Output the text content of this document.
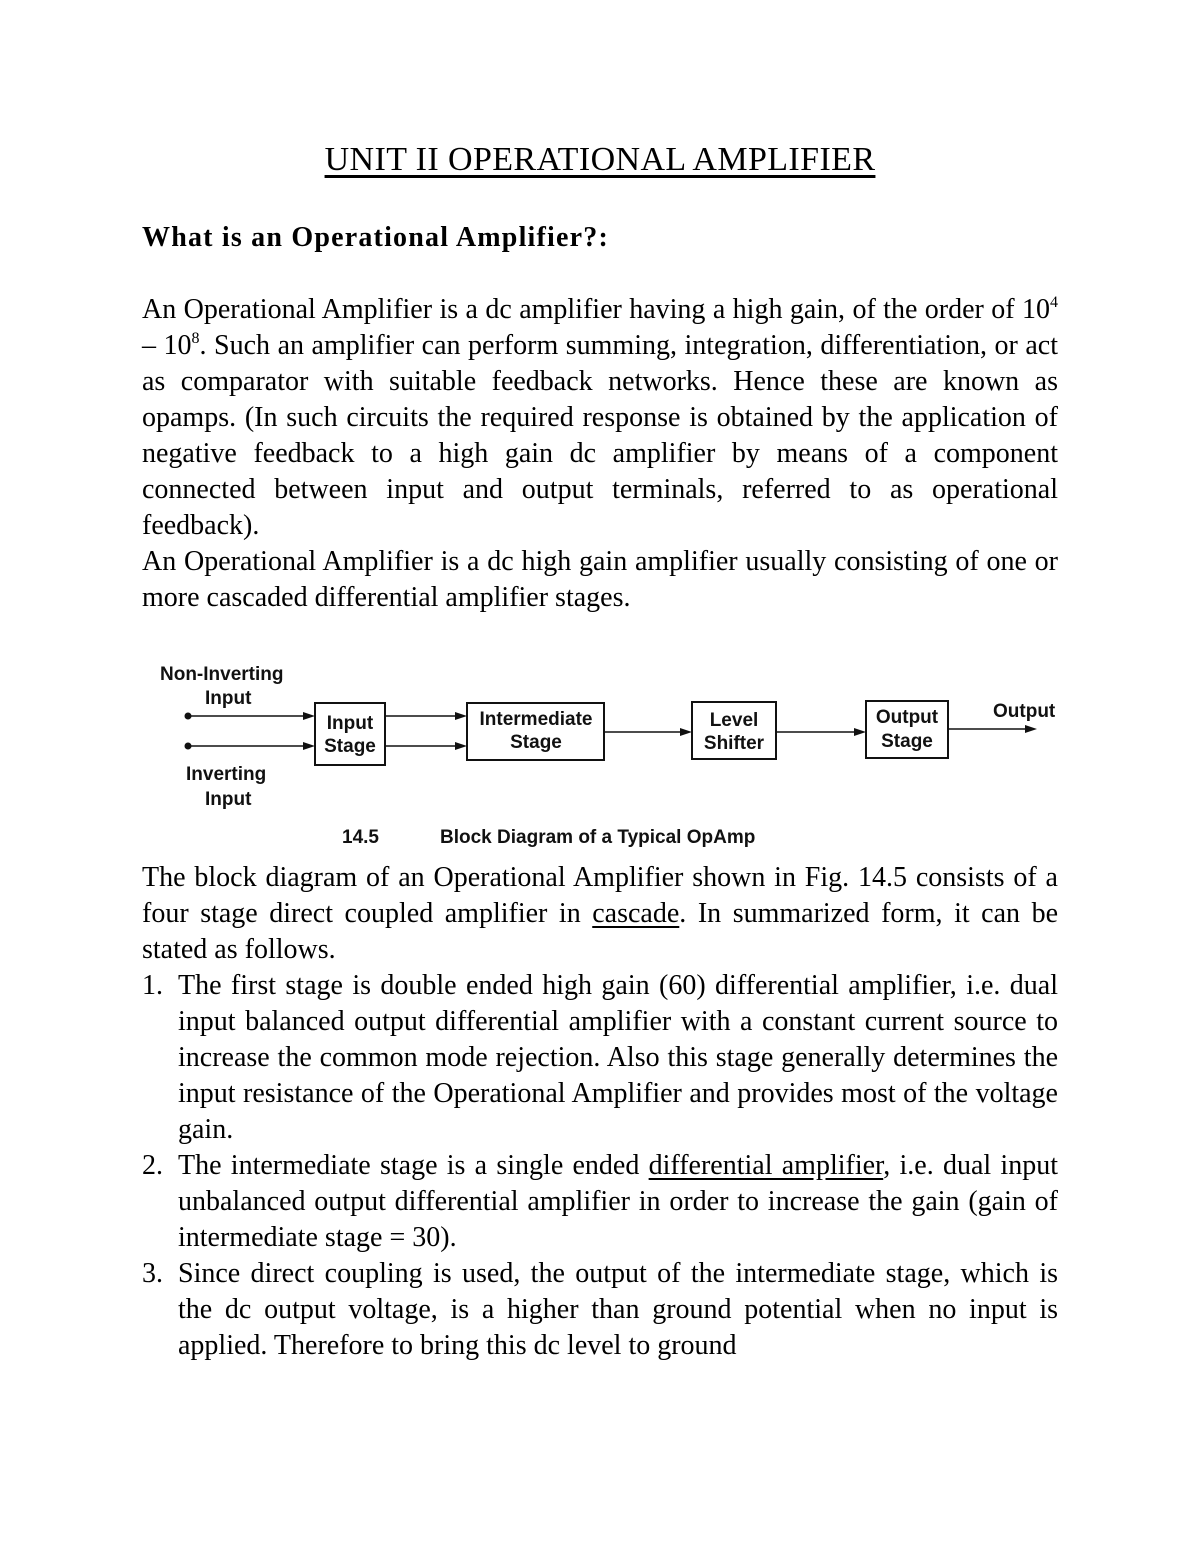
UNIT II OPERATIONAL AMPLIFIER
What is an Operational Amplifier?:

An Operational Amplifier is a dc amplifier having a high gain, of the order of $10^4 - 10^8$. Such an amplifier can perform summing, integration, differentiation, or act as comparator with suitable feedback networks. Hence these are known as opamps. (In such circuits the required response is obtained by the application of negative feedback to a high gain dc amplifier by means of a component connected between input and output terminals, referred to as operational feedback).

An Operational Amplifier is a dc high gain amplifier usually consisting of one or more cascaded differential amplifier stages.

Non-Inverting
Input
Inverting
Input
Input
Stage
Intermediate
Stage
Level
Shifter
Output
Stage
Output
14.5	Block Diagram of a Typical OpAmp

The block diagram of an Operational Amplifier shown in Fig. 14.5 consists of a four stage direct coupled amplifier in cascade. In summarized form, it can be stated as follows.

1. The first stage is double ended high gain (60) differential amplifier, i.e. dual input balanced output differential amplifier with a constant current source to increase the common mode rejection. Also this stage generally determines the input resistance of the Operational Amplifier and provides most of the voltage gain.
2. The intermediate stage is a single ended differential amplifier, i.e. dual input unbalanced output differential amplifier in order to increase the gain (gain of intermediate stage = 30).
3. Since direct coupling is used, the output of the intermediate stage, which is the dc output voltage, is a higher than ground potential when no input is applied. Therefore to bring this dc level to ground
